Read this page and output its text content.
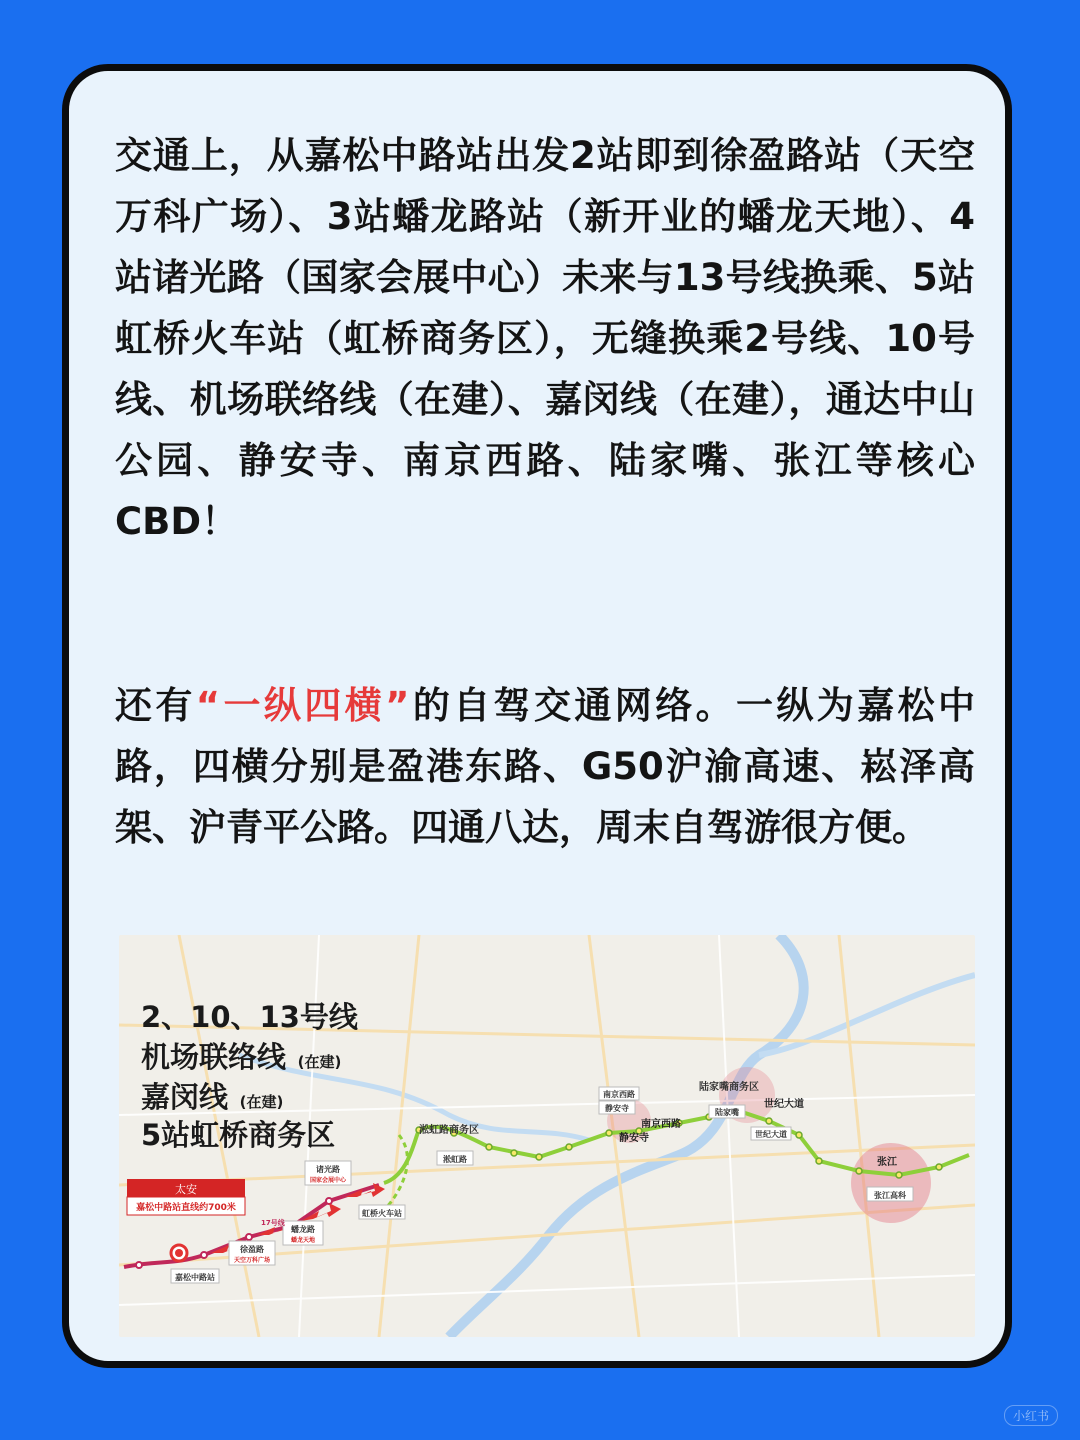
交通上，从嘉松中路站出发2站即到徐盈路站（天空万科广场）、3站蟠龙路站（新开业的蟠龙天地）、4站诸光路（国家会展中心）未来与13号线换乘、5站虹桥火车站（虹桥商务区），无缝换乘2号线、10号线、机场联络线（在建）、嘉闵线（在建），通达中山公园、静安寺、南京西路、陆家嘴、张江等核心CBD！

还有“一纵四横”的自驾交通网络。一纵为嘉松中路，四横分别是盈港东路、G50沪渝高速、崧泽高架、沪青平公路。四通八达，周末自驾游很方便。

2、10、13号线
机场联络线 (在建)
嘉闵线 (在建)
5站虹桥商务区
太安
嘉松中路站直线约700米
嘉松中路站
徐盈路
天空万科广场
蟠龙路
蟠龙天地
诸光路
国家会展中心
虹桥火车站
17号线
淞虹路商务区
淞虹路
南京西路
静安寺
南京西路
静安寺
陆家嘴商务区
陆家嘴
世纪大道
世纪大道
张江
张江高科
小红书
